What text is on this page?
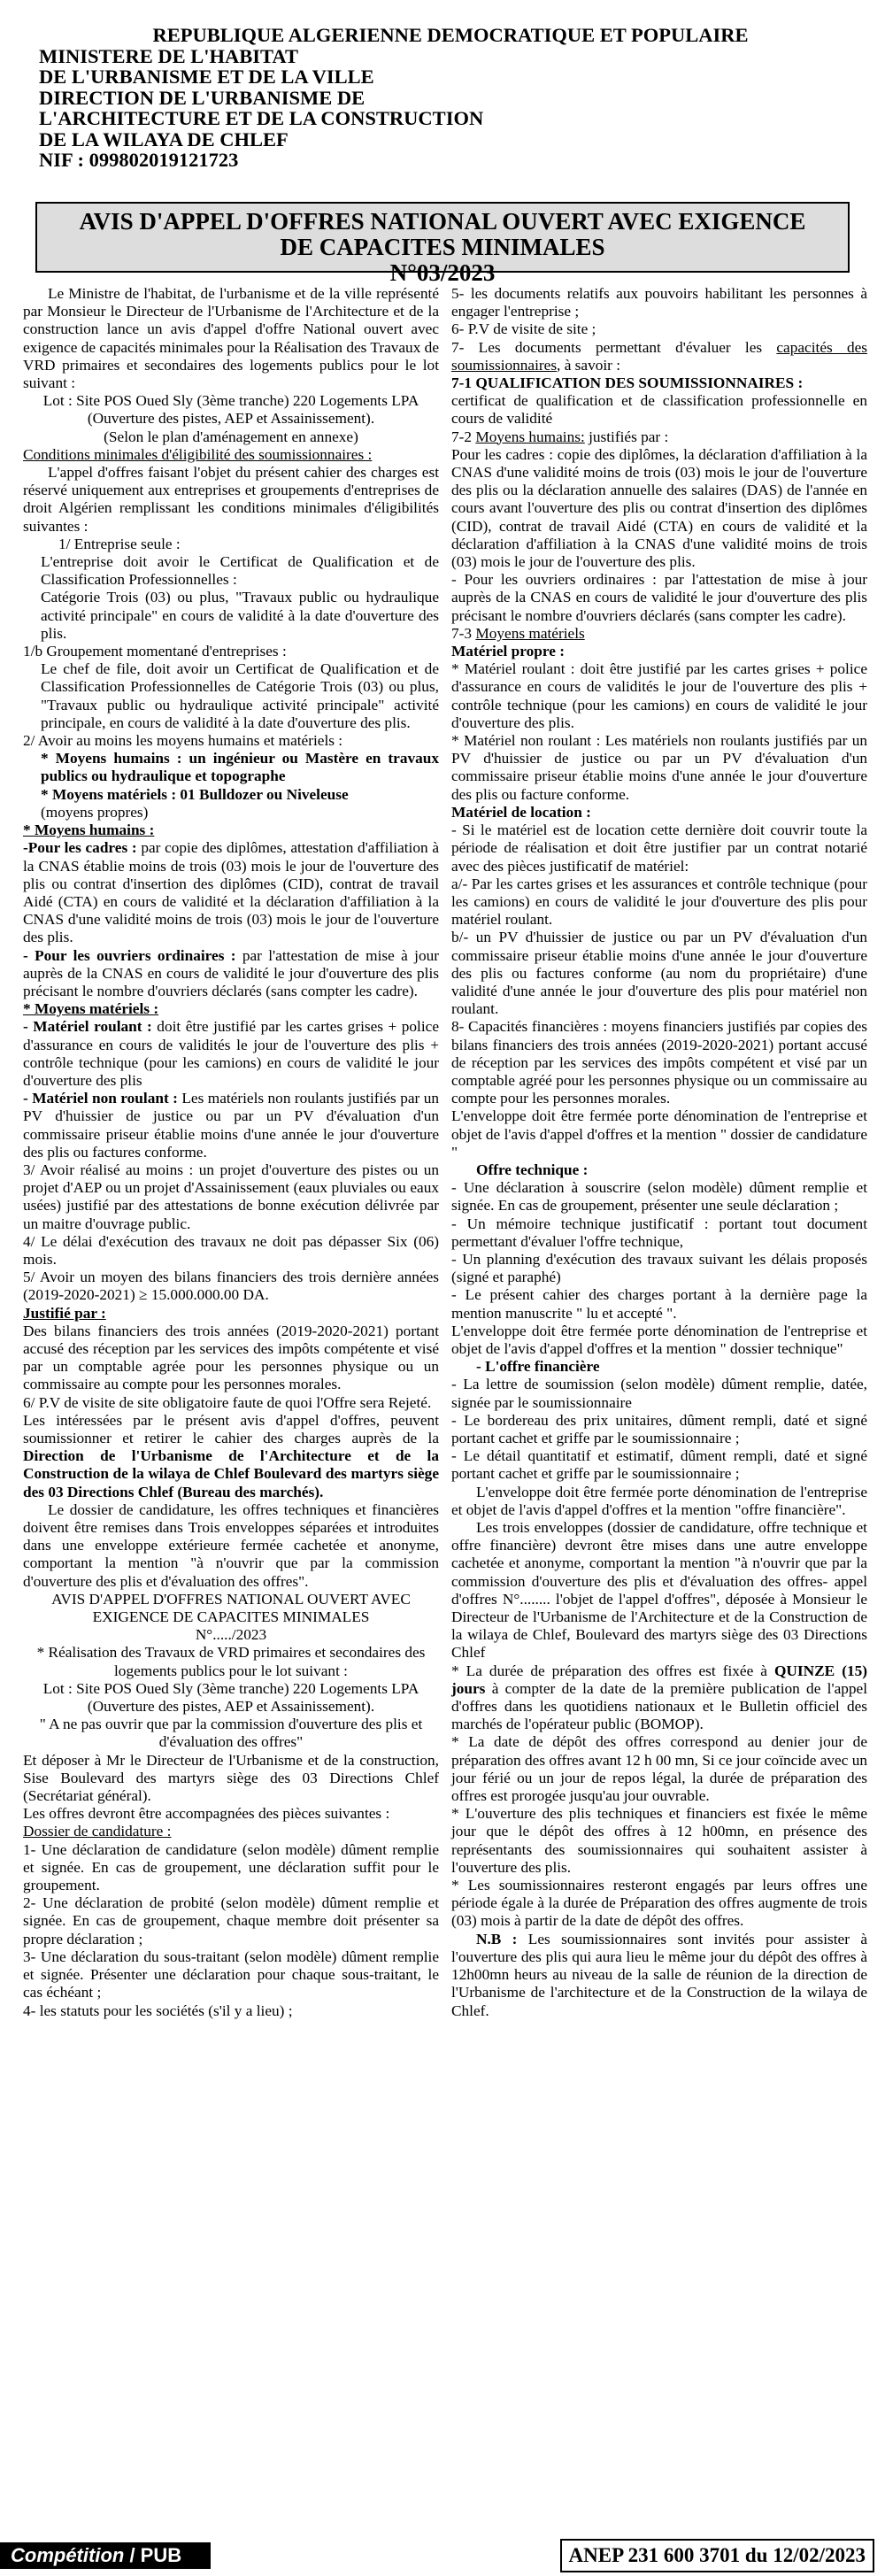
REPUBLIQUE ALGERIENNE DEMOCRATIQUE ET POPULAIRE
MINISTERE DE L'HABITAT
DE L'URBANISME ET DE LA VILLE
DIRECTION DE L'URBANISME DE
L'ARCHITECTURE ET DE LA CONSTRUCTION
DE LA WILAYA DE CHLEF
NIF : 099802019121723
AVIS D'APPEL D'OFFRES NATIONAL OUVERT AVEC EXIGENCE
DE CAPACITES MINIMALES
N°03/2023

Le Ministre de l'habitat, de l'urbanisme et de la ville représenté par Monsieur le Directeur de l'Urbanisme de l'Architecture et de la construction lance un avis d'appel d'offre National ouvert avec exigence de capacités minimales pour la Réalisation des Travaux de VRD primaires et secondaires des logements publics pour le lot suivant :

Lot : Site POS Oued Sly (3ème tranche) 220 Logements LPA (Ouverture des pistes, AEP et Assainissement).

(Selon le plan d'aménagement en annexe)

Conditions minimales d'éligibilité des soumissionnaires :

L'appel d'offres faisant l'objet du présent cahier des charges est réservé uniquement aux entreprises et groupements d'entreprises de droit Algérien remplissant les conditions minimales d'éligibilités suivantes :

1/ Entreprise seule :

L'entreprise doit avoir le Certificat de Qualification et de Classification Professionnelles :

Catégorie Trois (03) ou plus, "Travaux public ou hydraulique activité principale" en cours de validité à la date d'ouverture des plis.

1/b Groupement momentané d'entreprises :

Le chef de file, doit avoir un Certificat de Qualification et de Classification Professionnelles de Catégorie Trois (03) ou plus, "Travaux public ou hydraulique activité principale" activité principale, en cours de validité à la date d'ouverture des plis.

2/ Avoir au moins les moyens humains et matériels :

* Moyens humains : un ingénieur ou Mastère en travaux publics ou hydraulique et topographe

* Moyens matériels : 01 Bulldozer ou Niveleuse

(moyens propres)

* Moyens humains :

-Pour les cadres : par copie des diplômes, attestation d'affiliation à la CNAS établie moins de trois (03) mois le jour de l'ouverture des plis ou contrat d'insertion des diplômes (CID), contrat de travail Aidé (CTA) en cours de validité et la déclaration d'affiliation à la CNAS d'une validité moins de trois (03) mois le jour de l'ouverture des plis.

- Pour les ouvriers ordinaires : par l'attestation de mise à jour auprès de la CNAS en cours de validité le jour d'ouverture des plis précisant le nombre d'ouvriers déclarés (sans compter les cadre).

* Moyens matériels :

- Matériel roulant : doit être justifié par les cartes grises + police d'assurance en cours de validités le jour de l'ouverture des plis + contrôle technique (pour les camions) en cours de validité le jour d'ouverture des plis

- Matériel non roulant : Les matériels non roulants justifiés par un PV d'huissier de justice ou par un PV d'évaluation d'un commissaire priseur établie moins d'une année le jour d'ouverture des plis ou factures conforme.

3/ Avoir réalisé au moins : un projet d'ouverture des pistes ou un projet d'AEP ou un projet d'Assainissement (eaux pluviales ou eaux usées) justifié par des attestations de bonne exécution délivrée par un maitre d'ouvrage public.

4/ Le délai d'exécution des travaux ne doit pas dépasser Six (06) mois.

5/ Avoir un moyen des bilans financiers des trois dernière années (2019-2020-2021) ≥ 15.000.000.00 DA.

Justifié par :

Des bilans financiers des trois années (2019-2020-2021) portant accusé des réception par les services des impôts compétente et visé par un comptable agrée pour les personnes physique ou un commissaire au compte pour les personnes morales.

6/ P.V de visite de site obligatoire faute de quoi l'Offre sera Rejeté.

Les intéressées par le présent avis d'appel d'offres, peuvent soumissionner et retirer le cahier des charges auprès de la Direction de l'Urbanisme de l'Architecture et de la Construction de la wilaya de Chlef Boulevard des martyrs siège des 03 Directions Chlef (Bureau des marchés).

Le dossier de candidature, les offres techniques et financières doivent être remises dans Trois enveloppes séparées et introduites dans une enveloppe extérieure fermée cachetée et anonyme, comportant la mention "à n'ouvrir que par la commission d'ouverture des plis et d'évaluation des offres".

AVIS D'APPEL D'OFFRES NATIONAL OUVERT AVEC EXIGENCE DE CAPACITES MINIMALES

N°...../2023

* Réalisation des Travaux de VRD primaires et secondaires des logements publics pour le lot suivant :

Lot : Site POS Oued Sly (3ème tranche) 220 Logements LPA (Ouverture des pistes, AEP et Assainissement).

" A ne pas ouvrir que par la commission d'ouverture des plis et d'évaluation des offres"

Et déposer à Mr le Directeur de l'Urbanisme et de la construction, Sise Boulevard des martyrs siège des 03 Directions Chlef (Secrétariat général).

Les offres devront être accompagnées des pièces suivantes :

Dossier de candidature :

1- Une déclaration de candidature (selon modèle) dûment remplie et signée. En cas de groupement, une déclaration suffit pour le groupement.

2- Une déclaration de probité (selon modèle) dûment remplie et signée. En cas de groupement, chaque membre doit présenter sa propre déclaration ;

3- Une déclaration du sous-traitant (selon modèle) dûment remplie et signée. Présenter une déclaration pour chaque sous-traitant, le cas échéant ;

4- les statuts pour les sociétés (s'il y a lieu) ;

5- les documents relatifs aux pouvoirs habilitant les personnes à engager l'entreprise ;

6- P.V de visite de site ;

7- Les documents permettant d'évaluer les capacités des soumissionnaires, à savoir :

7-1 QUALIFICATION DES SOUMISSIONNAIRES :

certificat de qualification et de classification professionnelle en cours de validité

7-2 Moyens humains: justifiés par :

Pour les cadres : copie des diplômes, la déclaration d'affiliation à la CNAS d'une validité moins de trois (03) mois le jour de l'ouverture des plis ou la déclaration annuelle des salaires (DAS) de l'année en cours avant l'ouverture des plis ou contrat d'insertion des diplômes (CID), contrat de travail Aidé (CTA) en cours de validité et la déclaration d'affiliation à la CNAS d'une validité moins de trois (03) mois le jour de l'ouverture des plis.

- Pour les ouvriers ordinaires : par l'attestation de mise à jour auprès de la CNAS en cours de validité le jour d'ouverture des plis précisant le nombre d'ouvriers déclarés (sans compter les cadre).

7-3 Moyens matériels

Matériel propre :

* Matériel roulant : doit être justifié par les cartes grises + police d'assurance en cours de validités le jour de l'ouverture des plis + contrôle technique (pour les camions) en cours de validité le jour d'ouverture des plis.

* Matériel non roulant : Les matériels non roulants justifiés par un PV d'huissier de justice ou par un PV d'évaluation d'un commissaire priseur établie moins d'une année le jour d'ouverture des plis ou facture conforme.

Matériel de location :

- Si le matériel est de location cette dernière doit couvrir toute la période de réalisation et doit être justifier par un contrat notarié avec des pièces justificatif de matériel:

a/- Par les cartes grises et les assurances et contrôle technique (pour les camions) en cours de validité le jour d'ouverture des plis pour matériel roulant.

b/- un PV d'huissier de justice ou par un PV d'évaluation d'un commissaire priseur établie moins d'une année le jour d'ouverture des plis ou factures conforme (au nom du propriétaire) d'une validité d'une année le jour d'ouverture des plis pour matériel non roulant.

8- Capacités financières : moyens financiers justifiés par copies des bilans financiers des trois années (2019-2020-2021) portant accusé de réception par les services des impôts compétent et visé par un comptable agréé pour les personnes physique ou un commissaire au compte pour les personnes morales.

L'enveloppe doit être fermée porte dénomination de l'entreprise et objet de l'avis d'appel d'offres et la mention " dossier de candidature "

Offre technique :

- Une déclaration à souscrire (selon modèle) dûment remplie et signée. En cas de groupement, présenter une seule déclaration ;

- Un mémoire technique justificatif : portant tout document permettant d'évaluer l'offre technique,

- Un planning d'exécution des travaux suivant les délais proposés (signé et paraphé)

- Le présent cahier des charges portant à la dernière page la mention manuscrite " lu et accepté ".

L'enveloppe doit être fermée porte dénomination de l'entreprise et objet de l'avis d'appel d'offres et la mention " dossier technique"

- L'offre financière

- La lettre de soumission (selon modèle) dûment remplie, datée, signée par le soumissionnaire

- Le bordereau des prix unitaires, dûment rempli, daté et signé portant cachet et griffe par le soumissionnaire ;

- Le détail quantitatif et estimatif, dûment rempli, daté et signé portant cachet et griffe par le soumissionnaire ;

L'enveloppe doit être fermée porte dénomination de l'entreprise et objet de l'avis d'appel d'offres et la mention "offre financière".

Les trois enveloppes (dossier de candidature, offre technique et offre financière) devront être mises dans une autre enveloppe cachetée et anonyme, comportant la mention "à n'ouvrir que par la commission d'ouverture des plis et d'évaluation des offres- appel d'offres N°........ l'objet de l'appel d'offres", déposée à Monsieur le Directeur de l'Urbanisme de l'Architecture et de la Construction de la wilaya de Chlef, Boulevard des martyrs siège des 03 Directions Chlef

* La durée de préparation des offres est fixée à QUINZE (15) jours à compter de la date de la première publication de l'appel d'offres dans les quotidiens nationaux et le Bulletin officiel des marchés de l'opérateur public (BOMOP).

* La date de dépôt des offres correspond au denier jour de préparation des offres avant 12 h 00 mn, Si ce jour coïncide avec un jour férié ou un jour de repos légal, la durée de préparation des offres est prorogée jusqu'au jour ouvrable.

* L'ouverture des plis techniques et financiers est fixée le même jour que le dépôt des offres à 12 h00mn, en présence des représentants des soumissionnaires qui souhaitent assister à l'ouverture des plis.

* Les soumissionnaires resteront engagés par leurs offres une période égale à la durée de Préparation des offres augmente de trois (03) mois à partir de la date de dépôt des offres.

N.B : Les soumissionnaires sont invités pour assister à l'ouverture des plis qui aura lieu le même jour du dépôt des offres à 12h00mn heurs au niveau de la salle de réunion de la direction de l'Urbanisme de l'architecture et de la Construction de la wilaya de Chlef.

Compétition / PUB	ANEP 231 600 3701 du 12/02/2023
